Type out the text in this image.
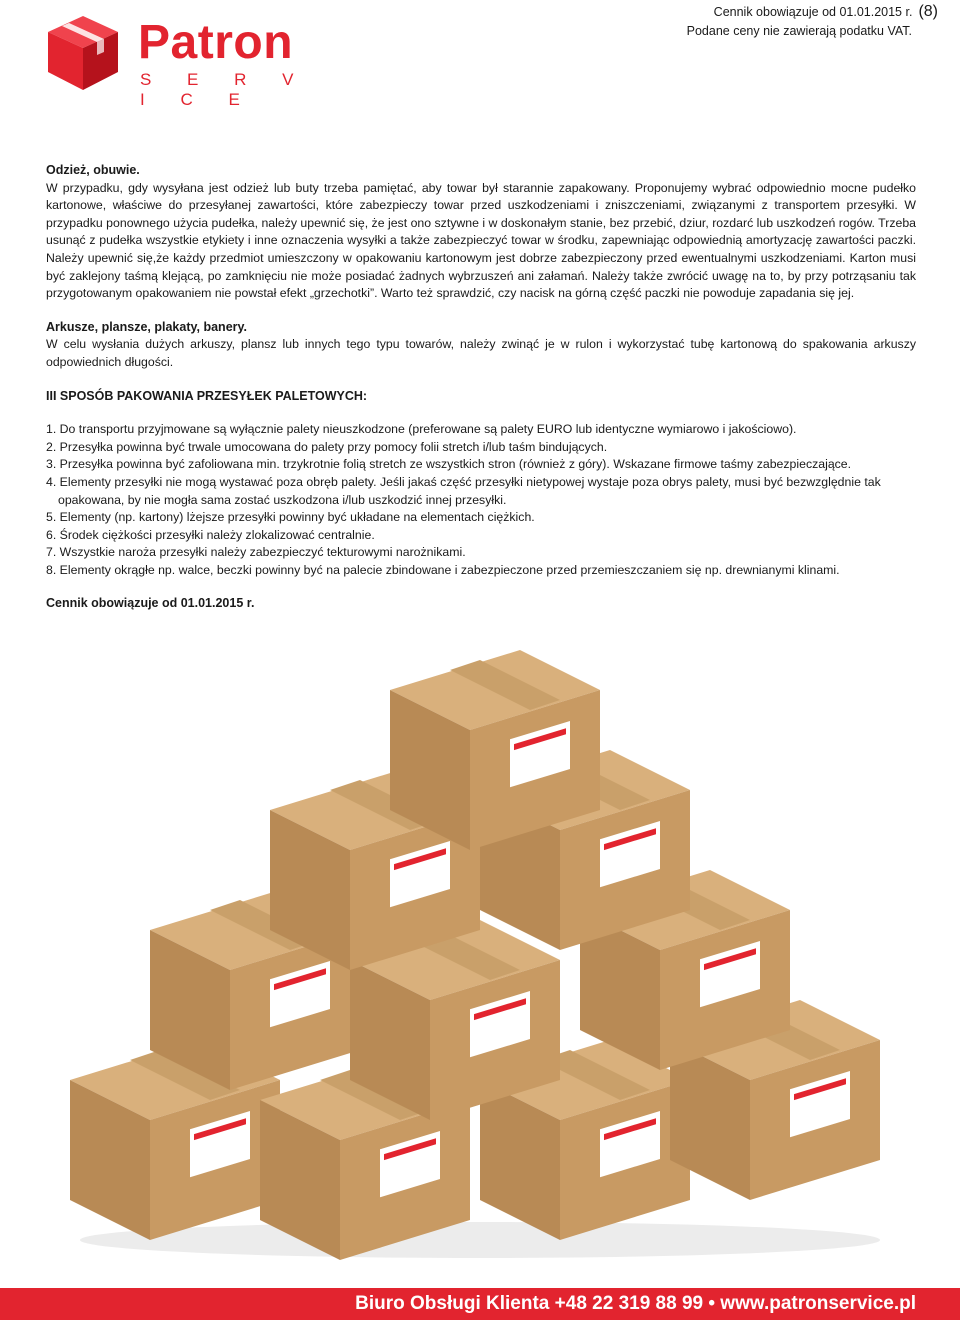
Cennik obowiązuje od 01.01.2015 r. (8)
Podane ceny nie zawierają podatku VAT.
Patron
S E R V I C E
Odzież, obuwie.

W przypadku, gdy wysyłana jest odzież lub buty trzeba pamiętać, aby towar był starannie zapakowany. Proponujemy wybrać odpowiednio mocne pudełko kartonowe, właściwe do przesyłanej zawartości, które zabezpieczy towar przed uszkodzeniami i zniszczeniami, związanymi z transportem przesyłki. W przypadku ponownego użycia pudełka, należy upewnić się, że jest ono sztywne i w doskonałym stanie, bez przebić, dziur, rozdarć lub uszkodzeń rogów. Trzeba usunąć z pudełka wszystkie etykiety i inne oznaczenia wysyłki a także zabezpieczyć towar w środku, zapewniając odpowiednią amortyzację zawartości paczki. Należy upewnić się,że każdy przedmiot umieszczony w opakowaniu kartonowym jest dobrze zabezpieczony przed ewentualnymi uszkodzeniami. Karton musi być zaklejony taśmą klejącą, po zamknięciu nie może posiadać żadnych wybrzuszeń ani załamań. Należy także zwrócić uwagę na to, by przy potrząsaniu tak przygotowanym opakowaniem nie powstał efekt „grzechotki”. Warto też sprawdzić, czy nacisk na górną część paczki nie powoduje zapadania się jej.

Arkusze, plansze, plakaty, banery.

W celu wysłania dużych arkuszy, plansz lub innych tego typu towarów, należy zwinąć je w rulon i wykorzystać tubę kartonową do spakowania arkuszy odpowiednich długości.

III SPOSÓB PAKOWANIA PRZESYŁEK PALETOWYCH:
1. Do transportu przyjmowane są wyłącznie palety nieuszkodzone (preferowane są palety EURO lub identyczne wymiarowo i jakościowo).
2. Przesyłka powinna być trwale umocowana do palety przy pomocy folii stretch i/lub taśm bindujących.
3. Przesyłka powinna być zafoliowana min. trzykrotnie folią stretch ze wszystkich stron (również z góry). Wskazane firmowe taśmy zabezpieczające.
4. Elementy przesyłki nie mogą wystawać poza obręb palety. Jeśli jakaś część przesyłki nietypowej wystaje poza obrys palety, musi być bezwzględnie tak opakowana, by nie mogła sama zostać uszkodzona i/lub uszkodzić innej przesyłki.
5. Elementy (np. kartony) lżejsze przesyłki powinny być układane na elementach ciężkich.
6. Środek ciężkości przesyłki należy zlokalizować centralnie.
7. Wszystkie naroża przesyłki należy zabezpieczyć tekturowymi narożnikami.
8. Elementy okrągłe np. walce, beczki powinny być na palecie zbindowane i zabezpieczone przed przemieszczaniem się np. drewnianymi klinami.
Cennik obowiązuje od 01.01.2015 r.
Biuro Obsługi Klienta +48 22 319 88 99 • www.patronservice.pl
